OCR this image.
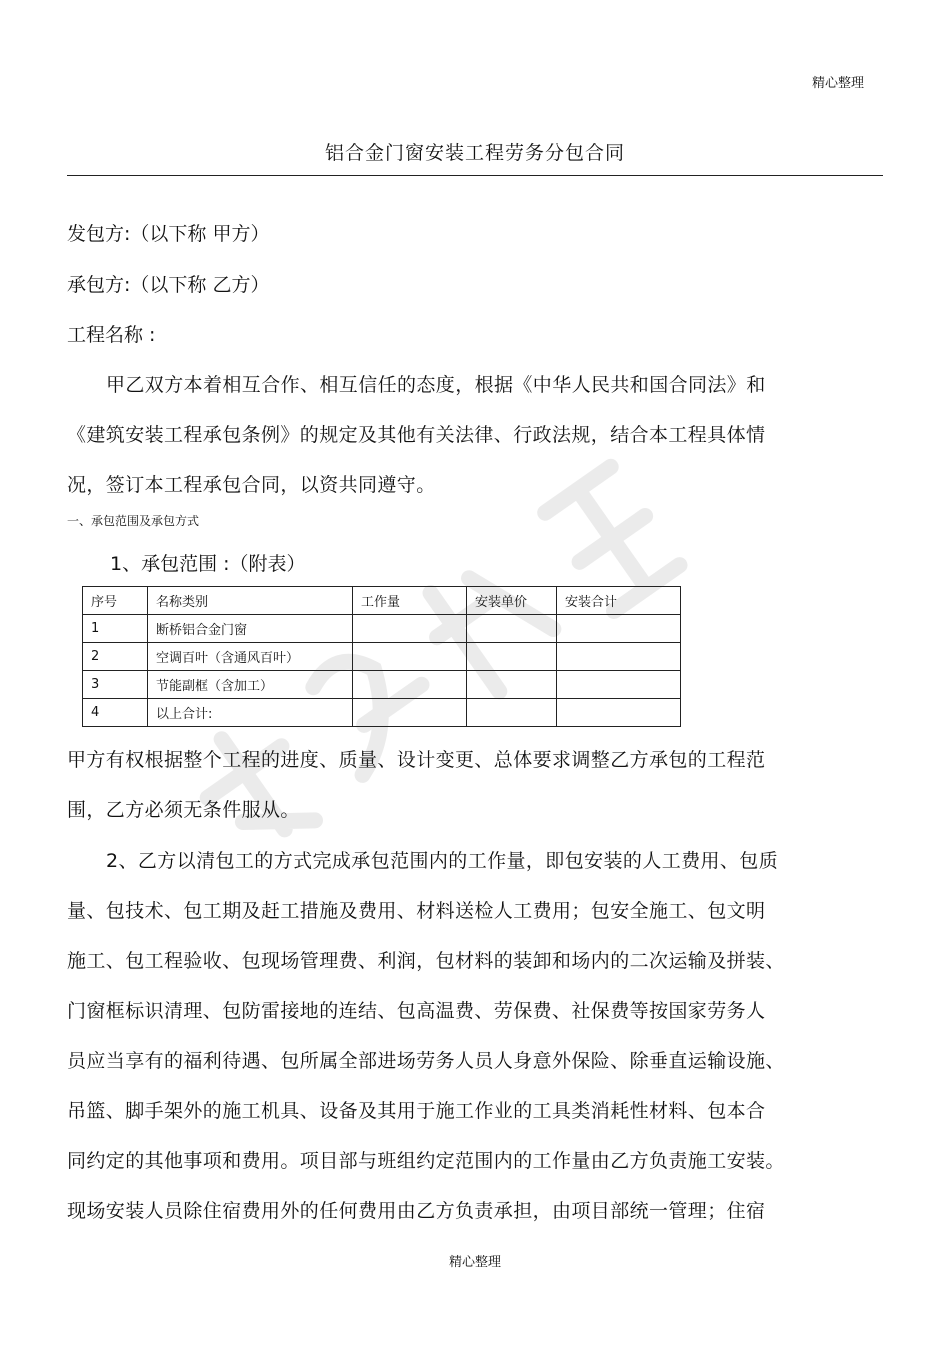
精心整理
铝合金门窗安装工程劳务分包合同
发包方:（以下称 甲方）
承包方:（以下称 乙方）
工程名称 :
甲乙双方本着相互合作、相互信任的态度，根据《中华人民共和国合同法》和
《建筑安装工程承包条例》的规定及其他有关法律、行政法规，结合本工程具体情
况，签订本工程承包合同，以资共同遵守。
一、承包范围及承包方式
1、承包范围 :（附表）
序号	名称类别	工作量	安装单价	安装合计
1	断桥铝合金门窗			
2	空调百叶（含通风百叶）			
3	节能副框（含加工）			
4	以上合计:			
甲方有权根据整个工程的进度、质量、设计变更、总体要求调整乙方承包的工程范
围，乙方必须无条件服从。
2、乙方以清包工的方式完成承包范围内的工作量，即包安装的人工费用、包质
量、包技术、包工期及赶工措施及费用、材料送检人工费用；包安全施工、包文明
施工、包工程验收、包现场管理费、利润，包材料的装卸和场内的二次运输及拼装、
门窗框标识清理、包防雷接地的连结、包高温费、劳保费、社保费等按国家劳务人
员应当享有的福利待遇、包所属全部进场劳务人员人身意外保险、除垂直运输设施、
吊篮、脚手架外的施工机具、设备及其用于施工作业的工具类消耗性材料、包本合
同约定的其他事项和费用。项目部与班组约定范围内的工作量由乙方负责施工安装。
现场安装人员除住宿费用外的任何费用由乙方负责承担，由项目部统一管理；住宿
精心整理
